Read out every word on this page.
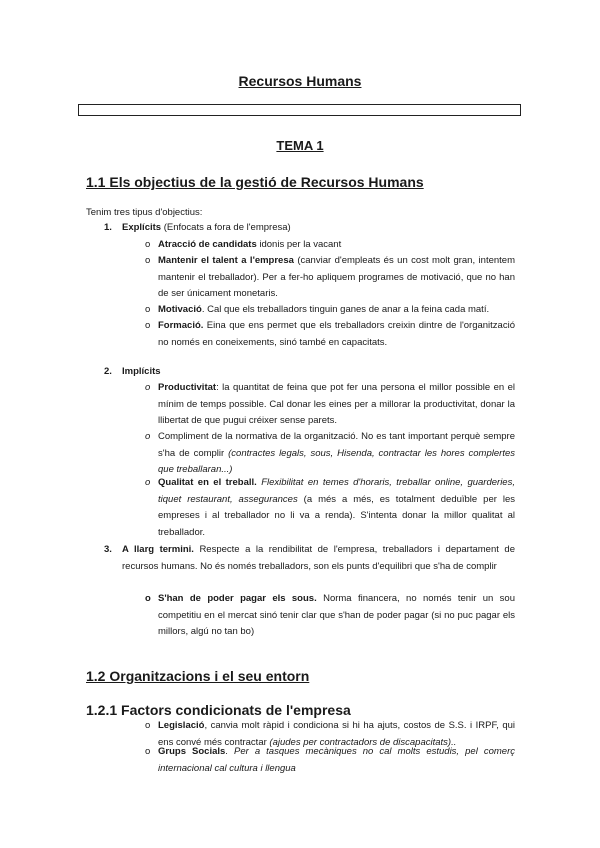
Recursos Humans
TEMA 1
1.1 Els objectius de la gestió de Recursos Humans
Tenim tres tipus d'objectius:
1. Explícits (Enfocats a fora de l'empresa)
o Atracció de candidats idonis per la vacant
o Mantenir el talent a l'empresa (canviar d'empleats és un cost molt gran, intentem mantenir el treballador). Per a fer-ho apliquem programes de motivació, que no han de ser únicament monetaris.
o Motivació. Cal que els treballadors tinguin ganes de anar a la feina cada matí.
o Formació. Eina que ens permet que els treballadors creixin dintre de l'organització no només en coneixements, sinó també en capacitats.
2. Implícits
o Productivitat: la quantitat de feina que pot fer una persona el millor possible en el mínim de temps possible. Cal donar les eines per a millorar la productivitat, donar la llibertat de que pugui créixer sense parets.
o Compliment de la normativa de la organització. No es tant important perquè sempre s'ha de complir (contractes legals, sous, Hisenda, contractar les hores complertes que treballaran...)
o Qualitat en el treball. Flexibilitat en temes d'horaris, treballar online, guarderies, tiquet restaurant, assegurances (a més a més, es totalment deduïble per les empreses i al treballador no li va a renda). S'intenta donar la millor qualitat al treballador.
3. A llarg termini. Respecte a la rendibilitat de l'empresa, treballadors i departament de recursos humans. No és només treballadors, son els punts d'equilibri que s'ha de complir
o S'han de poder pagar els sous. Norma financera, no només tenir un sou competitiu en el mercat sinó tenir clar que s'han de poder pagar (si no puc pagar els millors, algú no tan bo)
1.2 Organitzacions i el seu entorn
1.2.1 Factors condicionats de l'empresa
o Legislació, canvia molt ràpid i condiciona si hi ha ajuts, costos de S.S. i IRPF, qui ens convé més contractar (ajudes per contractadors de discapacitats)..
o Grups Socials. Per a tasques mecàniques no cal molts estudis, pel comerç internacional cal cultura i llengua
